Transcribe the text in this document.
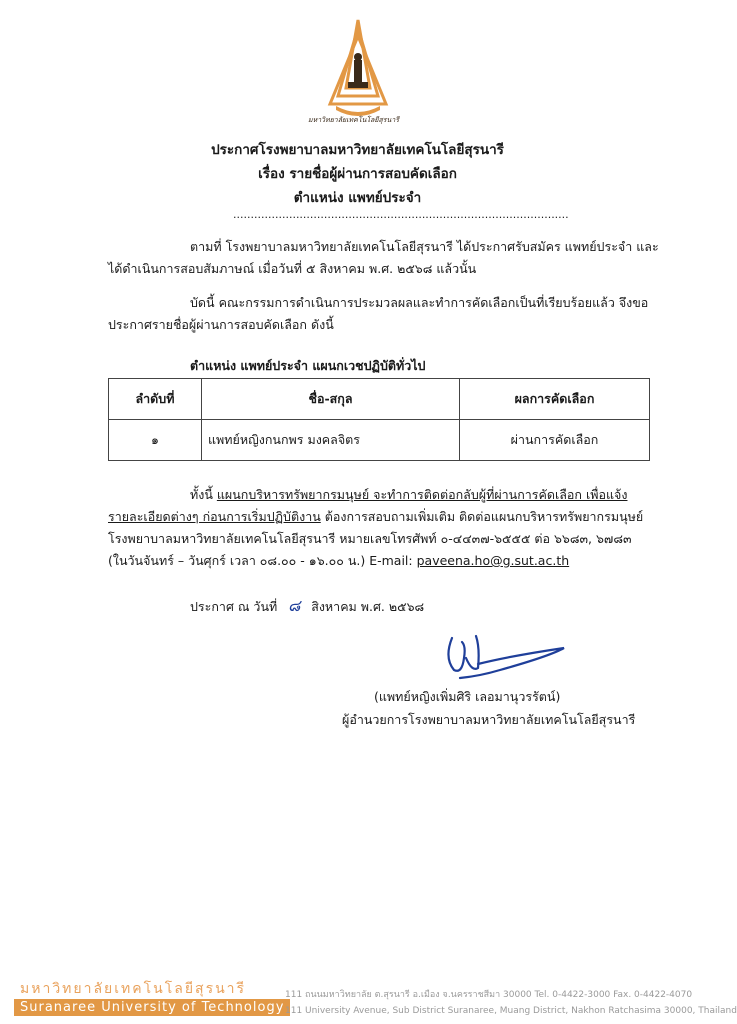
มหาวิทยาลัยเทคโนโลยีสุรนารี
ประกาศโรงพยาบาลมหาวิทยาลัยเทคโนโลยีสุรนารี
เรื่อง รายชื่อผู้ผ่านการสอบคัดเลือก
ตำแหน่ง แพทย์ประจำ
................................................................................................
ตามที่ โรงพยาบาลมหาวิทยาลัยเทคโนโลยีสุรนารี ได้ประกาศรับสมัคร แพทย์ประจำ และ
ได้ดำเนินการสอบสัมภาษณ์ เมื่อวันที่ ๕ สิงหาคม พ.ศ. ๒๕๖๘ แล้วนั้น
บัดนี้ คณะกรรมการดำเนินการประมวลผลและทำการคัดเลือกเป็นที่เรียบร้อยแล้ว จึงขอ
ประกาศรายชื่อผู้ผ่านการสอบคัดเลือก ดังนี้
ตำแหน่ง แพทย์ประจำ แผนกเวชปฏิบัติทั่วไป
ลำดับที่	ชื่อ-สกุล	ผลการคัดเลือก
๑	แพทย์หญิงกนกพร มงคลจิตร	ผ่านการคัดเลือก
ทั้งนี้ แผนกบริหารทรัพยากรมนุษย์ จะทำการติดต่อกลับผู้ที่ผ่านการคัดเลือก เพื่อแจ้ง
รายละเอียดต่างๆ ก่อนการเริ่มปฏิบัติงาน ต้องการสอบถามเพิ่มเติม ติดต่อแผนกบริหารทรัพยากรมนุษย์
โรงพยาบาลมหาวิทยาลัยเทคโนโลยีสุรนารี หมายเลขโทรศัพท์ ๐-๔๔๓๗-๖๕๕๕ ต่อ ๖๖๘๓, ๖๗๘๓
(ในวันจันทร์ – วันศุกร์ เวลา ๐๘.๐๐ - ๑๖.๐๐ น.) E-mail: paveena.ho@g.sut.ac.th
ประกาศ ณ วันที่ ๘ สิงหาคม พ.ศ. ๒๕๖๘
(แพทย์หญิงเพิ่มศิริ เลอมานุวรรัตน์)
ผู้อำนวยการโรงพยาบาลมหาวิทยาลัยเทคโนโลยีสุรนารี
มหาวิทยาลัยเทคโนโลยีสุรนารี
Suranaree University of Technology
111 ถนนมหาวิทยาลัย ต.สุรนารี อ.เมือง จ.นครราชสีมา 30000 Tel. 0-4422-3000 Fax. 0-4422-4070
111 University Avenue, Sub District Suranaree, Muang District, Nakhon Ratchasima 30000, Thailand
